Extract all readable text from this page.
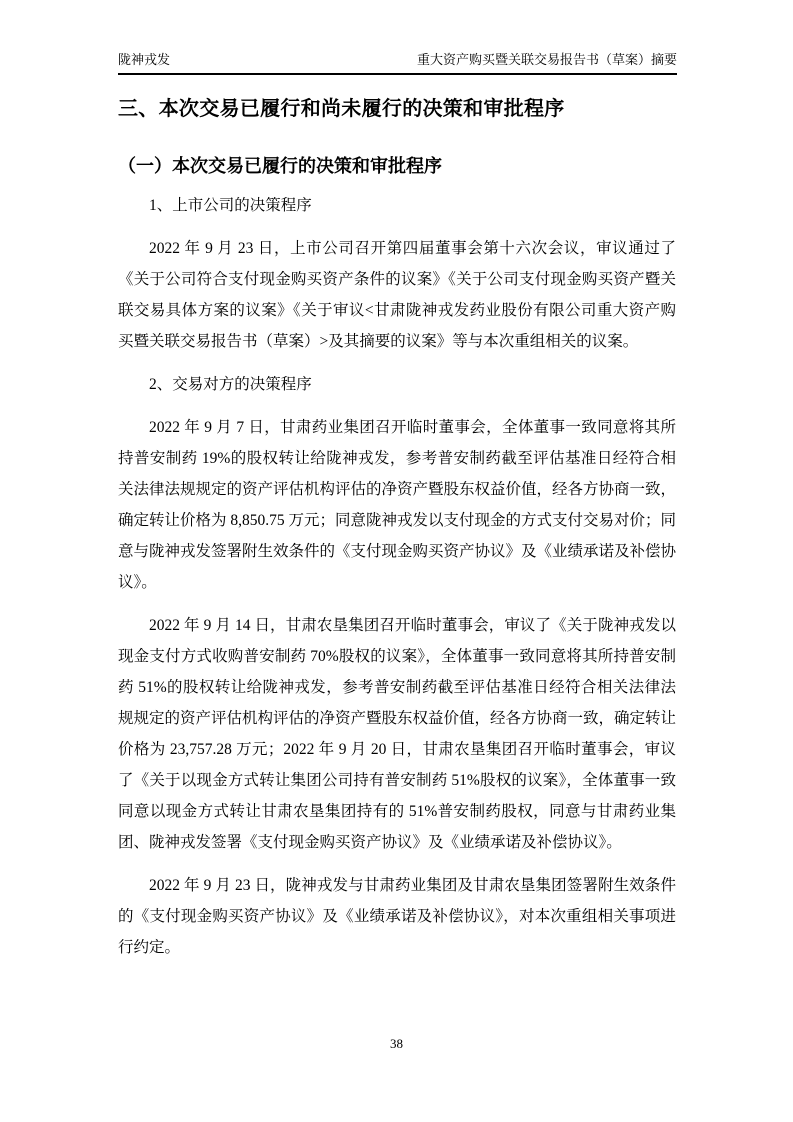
陇神戎发	重大资产购买暨关联交易报告书（草案）摘要
三、本次交易已履行和尚未履行的决策和审批程序
（一）本次交易已履行的决策和审批程序
1、上市公司的决策程序
2022 年 9 月 23 日，上市公司召开第四届董事会第十六次会议，审议通过了《关于公司符合支付现金购买资产条件的议案》《关于公司支付现金购买资产暨关联交易具体方案的议案》《关于审议<甘肃陇神戎发药业股份有限公司重大资产购买暨关联交易报告书（草案）>及其摘要的议案》等与本次重组相关的议案。
2、交易对方的决策程序
2022 年 9 月 7 日，甘肃药业集团召开临时董事会，全体董事一致同意将其所持普安制药 19%的股权转让给陇神戎发，参考普安制药截至评估基准日经符合相关法律法规规定的资产评估机构评估的净资产暨股东权益价值，经各方协商一致，确定转让价格为 8,850.75 万元；同意陇神戎发以支付现金的方式支付交易对价；同意与陇神戎发签署附生效条件的《支付现金购买资产协议》及《业绩承诺及补偿协议》。
2022 年 9 月 14 日，甘肃农垦集团召开临时董事会，审议了《关于陇神戎发以现金支付方式收购普安制药 70%股权的议案》，全体董事一致同意将其所持普安制药 51%的股权转让给陇神戎发，参考普安制药截至评估基准日经符合相关法律法规规定的资产评估机构评估的净资产暨股东权益价值，经各方协商一致，确定转让价格为 23,757.28 万元；2022 年 9 月 20 日，甘肃农垦集团召开临时董事会，审议了《关于以现金方式转让集团公司持有普安制药 51%股权的议案》，全体董事一致同意以现金方式转让甘肃农垦集团持有的 51%普安制药股权，同意与甘肃药业集团、陇神戎发签署《支付现金购买资产协议》及《业绩承诺及补偿协议》。
2022 年 9 月 23 日，陇神戎发与甘肃药业集团及甘肃农垦集团签署附生效条件的《支付现金购买资产协议》及《业绩承诺及补偿协议》，对本次重组相关事项进行约定。
38
